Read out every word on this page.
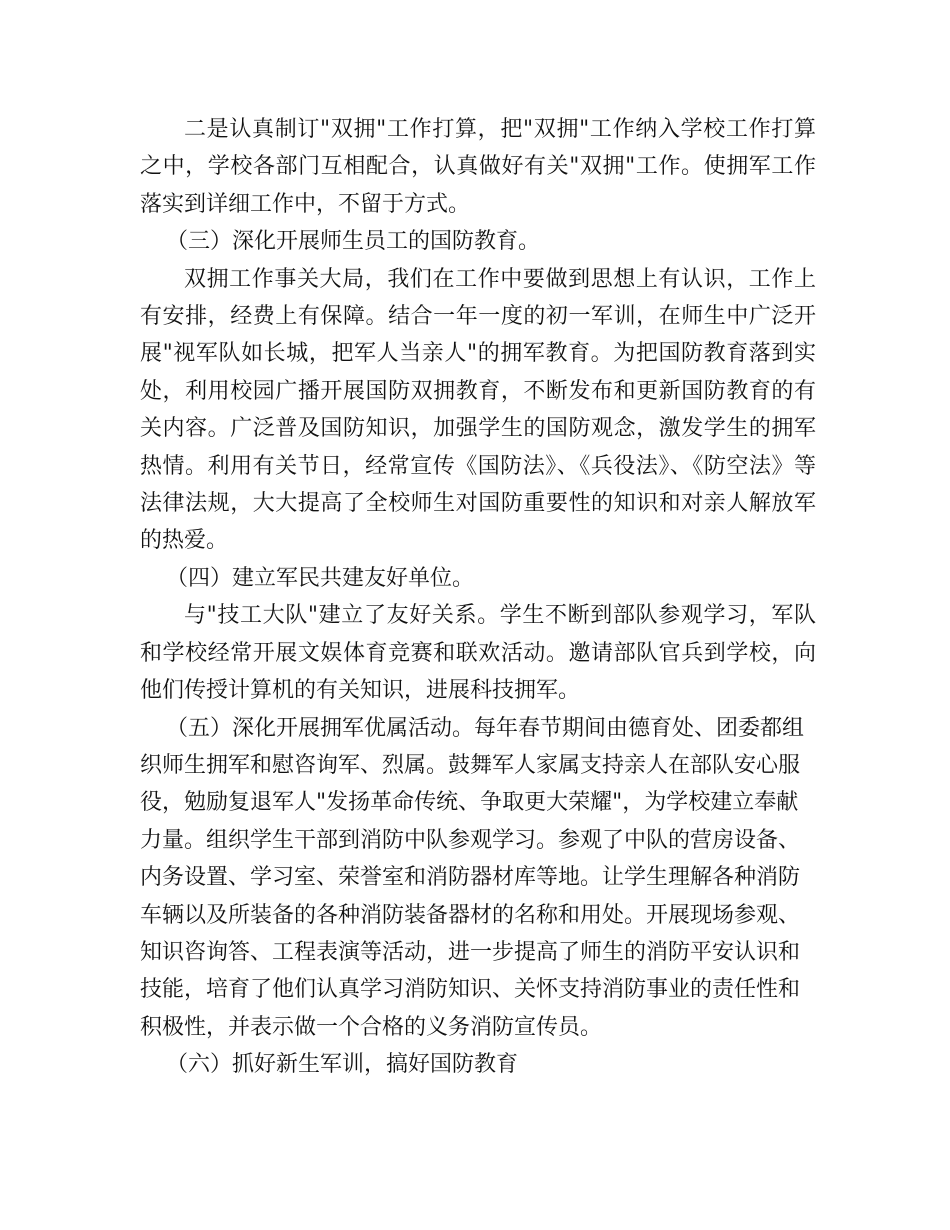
二是认真制订"双拥"工作打算，把"双拥"工作纳入学校工作打算之中，学校各部门互相配合，认真做好有关"双拥"工作。使拥军工作落实到详细工作中，不留于方式。

（三）深化开展师生员工的国防教育。

双拥工作事关大局，我们在工作中要做到思想上有认识，工作上有安排，经费上有保障。结合一年一度的初一军训，在师生中广泛开展"视军队如长城，把军人当亲人"的拥军教育。为把国防教育落到实处，利用校园广播开展国防双拥教育，不断发布和更新国防教育的有关内容。广泛普及国防知识，加强学生的国防观念，激发学生的拥军热情。利用有关节日，经常宣传《国防法》、《兵役法》、《防空法》等法律法规，大大提高了全校师生对国防重要性的知识和对亲人解放军的热爱。

（四）建立军民共建友好单位。

与"技工大队"建立了友好关系。学生不断到部队参观学习，军队和学校经常开展文娱体育竞赛和联欢活动。邀请部队官兵到学校，向他们传授计算机的有关知识，进展科技拥军。

（五）深化开展拥军优属活动。每年春节期间由德育处、团委都组织师生拥军和慰咨询军、烈属。鼓舞军人家属支持亲人在部队安心服役，勉励复退军人"发扬革命传统、争取更大荣耀"，为学校建立奉献力量。组织学生干部到消防中队参观学习。参观了中队的营房设备、内务设置、学习室、荣誉室和消防器材库等地。让学生理解各种消防车辆以及所装备的各种消防装备器材的名称和用处。开展现场参观、知识咨询答、工程表演等活动，进一步提高了师生的消防平安认识和技能，培育了他们认真学习消防知识、关怀支持消防事业的责任性和积极性，并表示做一个合格的义务消防宣传员。

（六）抓好新生军训，搞好国防教育
